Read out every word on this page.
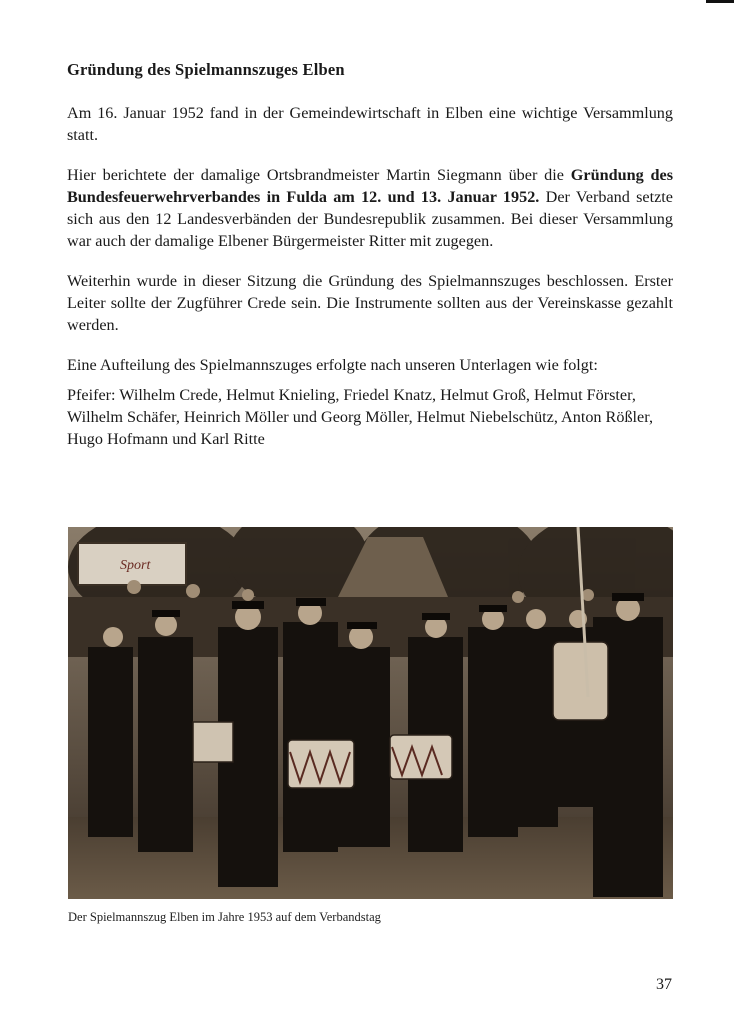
Gründung des Spielmannszuges Elben

Am 16. Januar 1952 fand in der Gemeindewirtschaft in Elben eine wichtige Versammlung statt.

Hier berichtete der damalige Ortsbrandmeister Martin Siegmann über die Gründung des Bundesfeuerwehrverbandes in Fulda am 12. und 13. Januar 1952. Der Verband setzte sich aus den 12 Landesverbänden der Bundesrepublik zusammen. Bei dieser Versammlung war auch der damalige Elbener Bürgermeister Ritter mit zugegen.

Weiterhin wurde in dieser Sitzung die Gründung des Spielmannszuges beschlossen. Erster Leiter sollte der Zugführer Crede sein. Die Instrumente sollten aus der Vereinskasse gezahlt werden.

Eine Aufteilung des Spielmannszuges erfolgte nach unseren Unterlagen wie folgt:

Pfeifer: Wilhelm Crede, Helmut Knieling, Friedel Knatz, Helmut Groß, Helmut Förster, Wilhelm Schäfer, Heinrich Möller und Georg Möller, Helmut Niebelschütz, Anton Rößler, Hugo Hofmann und Karl Ritte

Sport
Der Spielmannszug Elben im Jahre 1953 auf dem Verbandstag
37
